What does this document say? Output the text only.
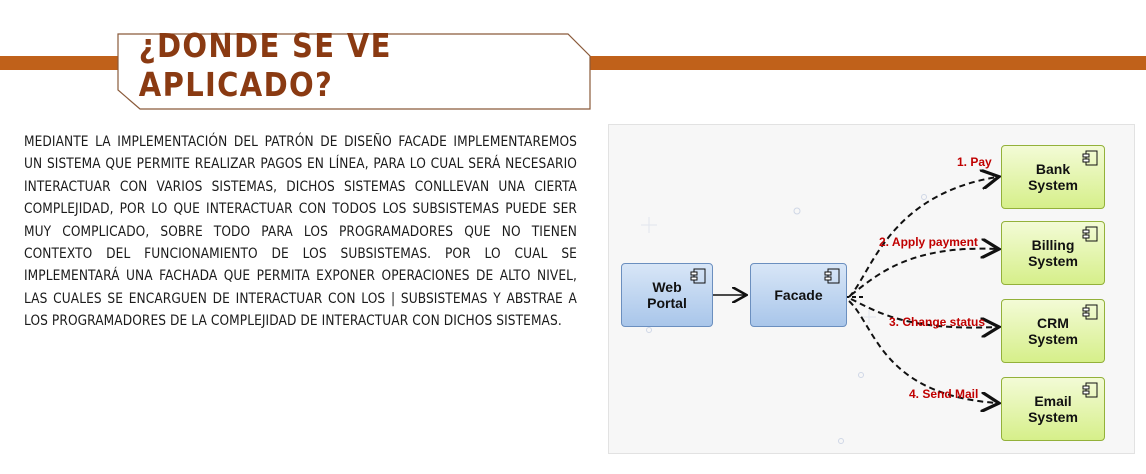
¿DONDE SE VE APLICADO?
MEDIANTE LA IMPLEMENTACIÓN DEL PATRÓN DE DISEÑO FACADE IMPLEMENTAREMOS UN SISTEMA QUE PERMITE REALIZAR PAGOS EN LÍNEA, PARA LO CUAL SERÁ NECESARIO INTERACTUAR CON VARIOS SISTEMAS, DICHOS SISTEMAS CONLLEVAN UNA CIERTA COMPLEJIDAD, POR LO QUE INTERACTUAR CON TODOS LOS SUBSISTEMAS PUEDE SER MUY COMPLICADO, SOBRE TODO PARA LOS PROGRAMADORES QUE NO TIENEN CONTEXTO DEL FUNCIONAMIENTO DE LOS SUBSISTEMAS. POR LO CUAL SE IMPLEMENTARÁ UNA FACHADA QUE PERMITA EXPONER OPERACIONES DE ALTO NIVEL, LAS CUALES SE ENCARGUEN DE INTERACTUAR CON LOS | SUBSISTEMAS Y ABSTRAE A LOS PROGRAMADORES DE LA COMPLEJIDAD DE INTERACTUAR CON DICHOS SISTEMAS.
Web
Portal	Facade
Bank
System
Billing
System
CRM
System
Email
System
1. Pay
2. Apply payment
3. Change status
4. Send Mail
